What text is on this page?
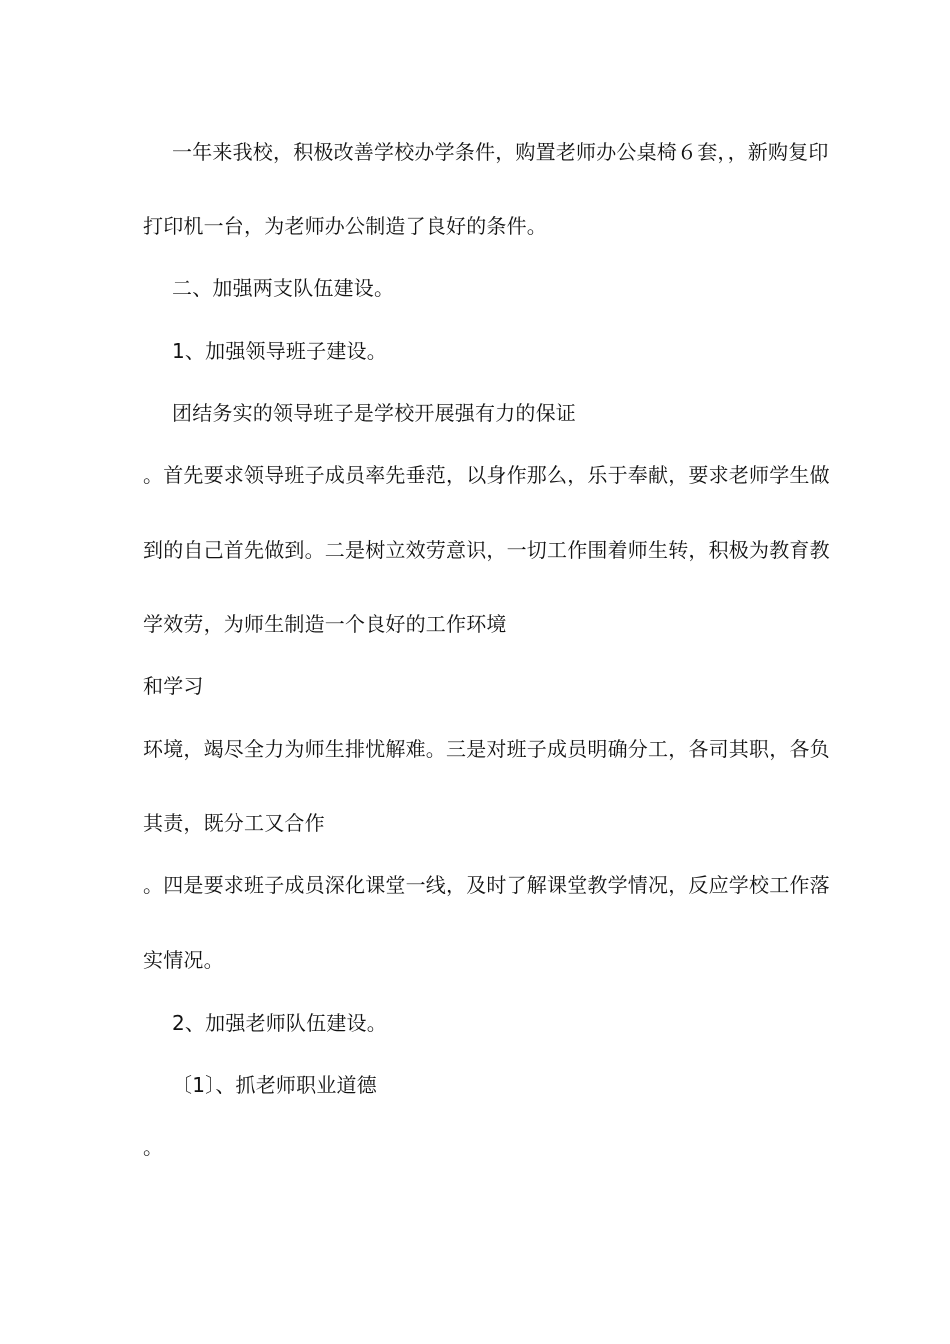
一年来我校，积极改善学校办学条件，购置老师办公桌椅６套，，新购复印
打印机一台，为老师办公制造了良好的条件。
二、加强两支队伍建设。
1、加强领导班子建设。
团结务实的领导班子是学校开展强有力的保证
。首先要求领导班子成员率先垂范，以身作那么，乐于奉献，要求老师学生做
到的自己首先做到。二是树立效劳意识，一切工作围着师生转，积极为教育教
学效劳，为师生制造一个良好的工作环境
和学习
环境，竭尽全力为师生排忧解难。三是对班子成员明确分工，各司其职，各负
其责，既分工又合作
。四是要求班子成员深化课堂一线，及时了解课堂教学情况，反应学校工作落
实情况。
2、加强老师队伍建设。
〔1〕、抓老师职业道德
。
